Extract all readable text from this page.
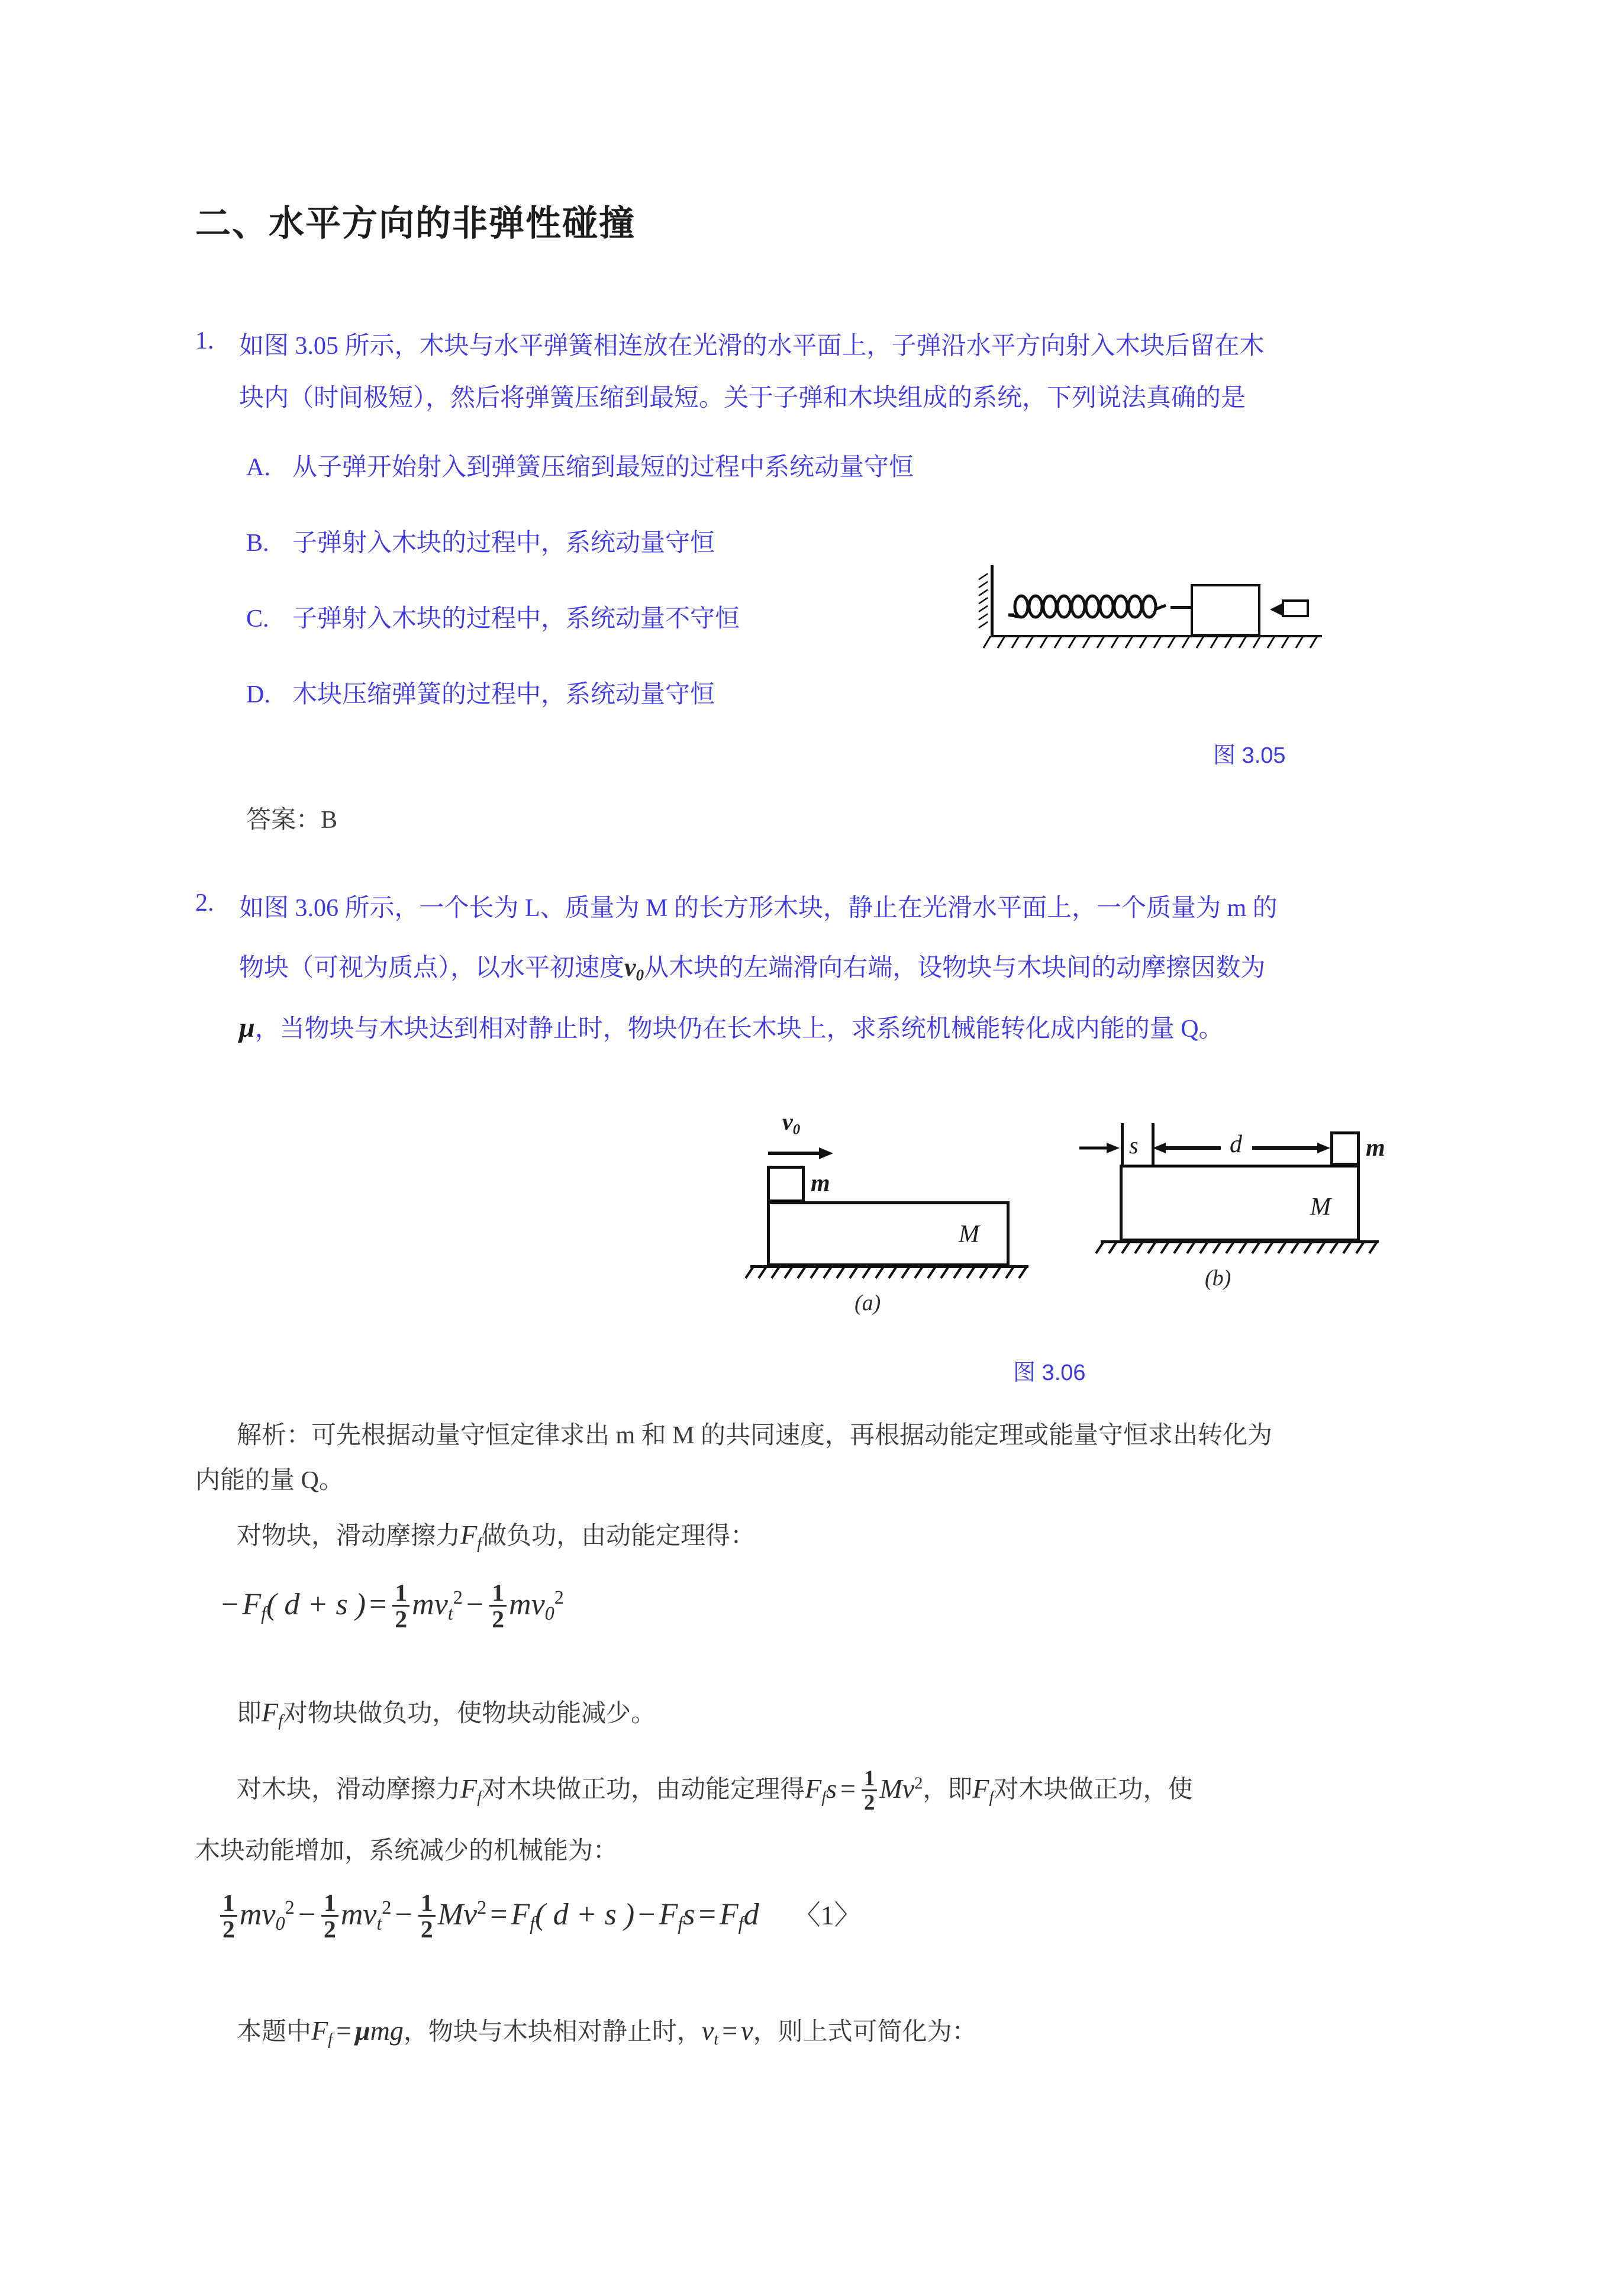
二、水平方向的非弹性碰撞
1. 如图 3.05 所示，木块与水平弹簧相连放在光滑的水平面上，子弹沿水平方向射入木块后留在木
块内（时间极短），然后将弹簧压缩到最短。关于子弹和木块组成的系统，下列说法真确的是
A. 从子弹开始射入到弹簧压缩到最短的过程中系统动量守恒
B. 子弹射入木块的过程中，系统动量守恒
C. 子弹射入木块的过程中，系统动量不守恒
D. 木块压缩弹簧的过程中，系统动量守恒
图 3.05
答案：B
2. 如图 3.06 所示，一个长为 L、质量为 M 的长方形木块，静止在光滑水平面上，一个质量为 m 的
物块（可视为质点），以水平初速度$v_0$从木块的左端滑向右端，设物块与木块间的动摩擦因数为
μ，当物块与木块达到相对静止时，物块仍在长木块上，求系统机械能转化成内能的量 Q。
v0
m
M
(a)
s	d	m
M
(b)
图 3.06
解析：可先根据动量守恒定律求出 m 和 M 的共同速度，再根据动能定理或能量守恒求出转化为
内能的量 Q。
对物块，滑动摩擦力$F_f$做负功，由动能定理得：
− $F_f$( d + s ) = $\frac{1}{2} mv_t^2 - \frac{1}{2} mv_0^2$
即$F_f$对物块做负功，使物块动能减少。
对木块，滑动摩擦力$F_f$对木块做正功，由动能定理得$F_fs = \frac{1}{2} Mv^2$，即$F_f$对木块做正功，使
木块动能增加，系统减少的机械能为：
$\frac{1}{2} mv_0^2 - \frac{1}{2} mv_t^2 - \frac{1}{2} Mv^2 = F_f$( d + s ) − $F_fs = F_fd$ 〈1〉
本题中$F_f = \mu mg$，物块与木块相对静止时，$v_t = v$，则上式可简化为：
